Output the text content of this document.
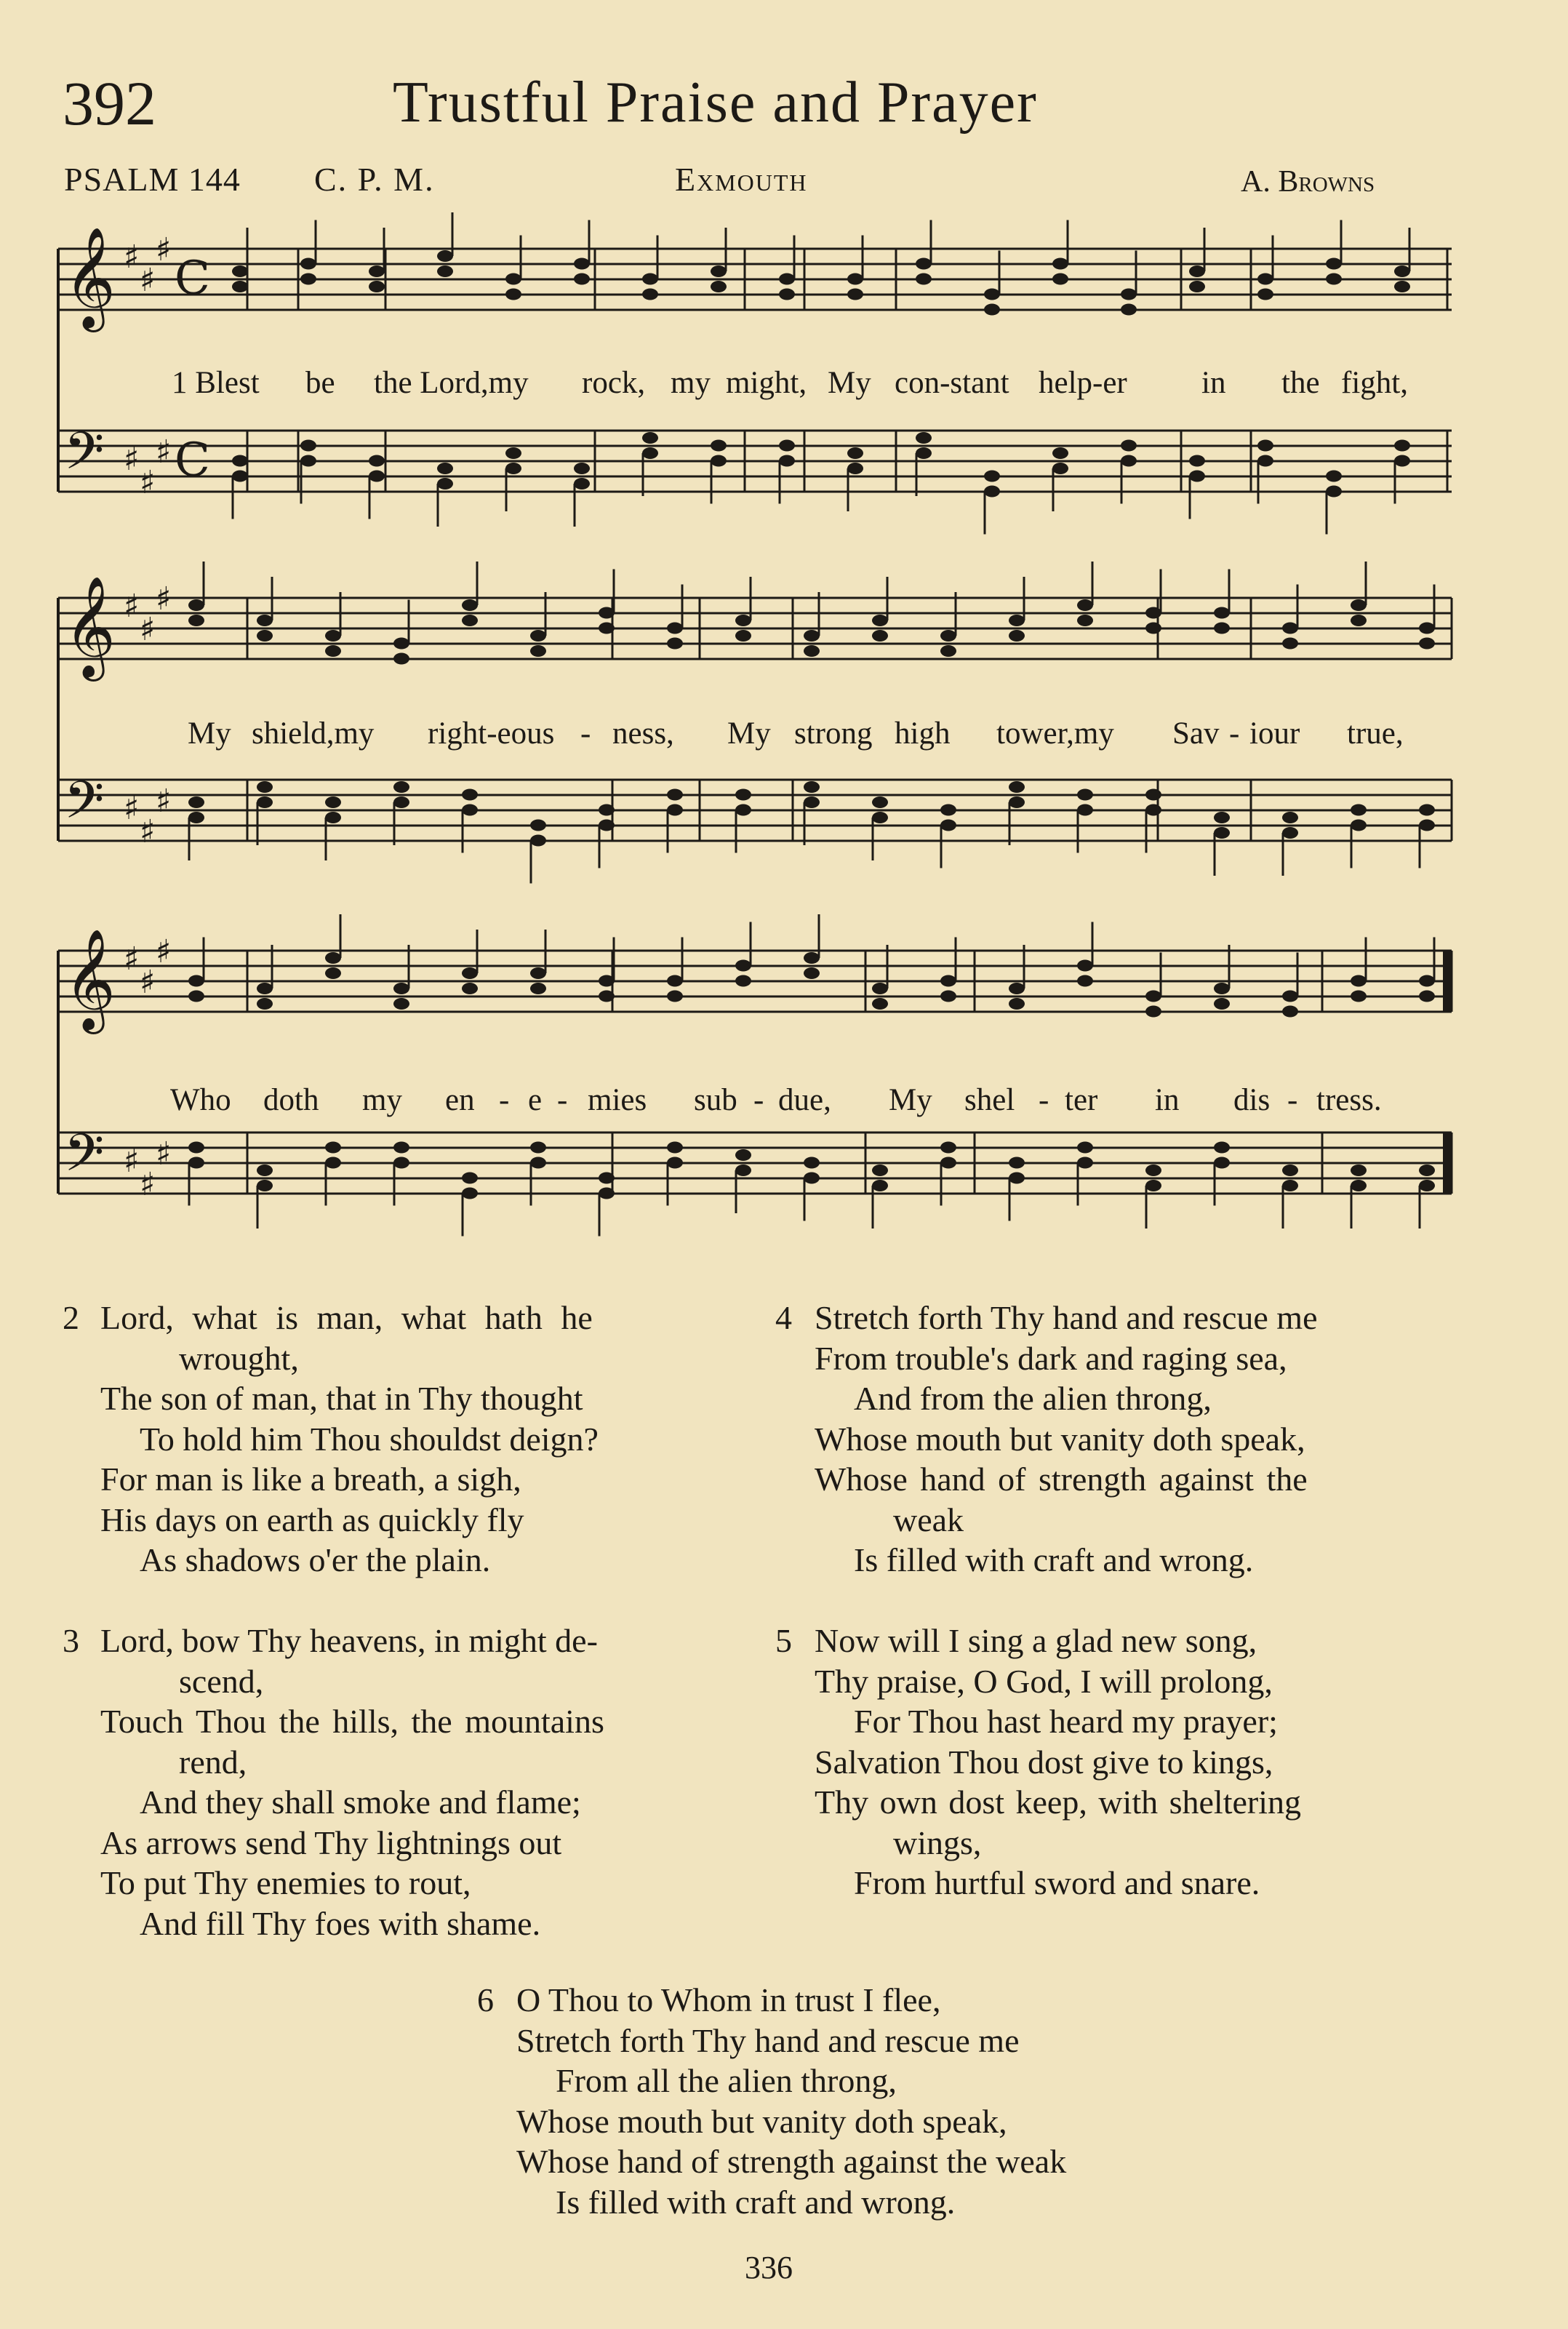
392	Trustful Praise and Prayer
PSALM 144 C. P. M.	Exmouth	A. Browns
𝄞
𝄢
♯
♯
♯
♯
♯
♯
C
C
𝄞
𝄢
♯
♯
♯
♯
♯
♯
𝄞
𝄢
♯
♯
♯
♯
♯
♯
1 Blest be the Lord,my rock, my might, My con-stant help-er in the fight,
My shield,my right-eous - ness, My strong high tower,my Sav - iour true,
Who doth my en - e - mies sub - due, My shel - ter in dis - tress.
2 Lord, what is man, what hath he
wrought,
The son of man, that in Thy thought
To hold him Thou shouldst deign?
For man is like a breath, a sigh,
His days on earth as quickly fly
As shadows o'er the plain.
3 Lord, bow Thy heavens, in might de-
scend,
Touch Thou the hills, the mountains
rend,
And they shall smoke and flame;
As arrows send Thy lightnings out
To put Thy enemies to rout,
And fill Thy foes with shame.
4 Stretch forth Thy hand and rescue me
From trouble's dark and raging sea,
And from the alien throng,
Whose mouth but vanity doth speak,
Whose hand of strength against the
weak
Is filled with craft and wrong.
5 Now will I sing a glad new song,
Thy praise, O God, I will prolong,
For Thou hast heard my prayer;
Salvation Thou dost give to kings,
Thy own dost keep, with sheltering
wings,
From hurtful sword and snare.
6 O Thou to Whom in trust I flee,
Stretch forth Thy hand and rescue me
From all the alien throng,
Whose mouth but vanity doth speak,
Whose hand of strength against the weak
Is filled with craft and wrong.
336
